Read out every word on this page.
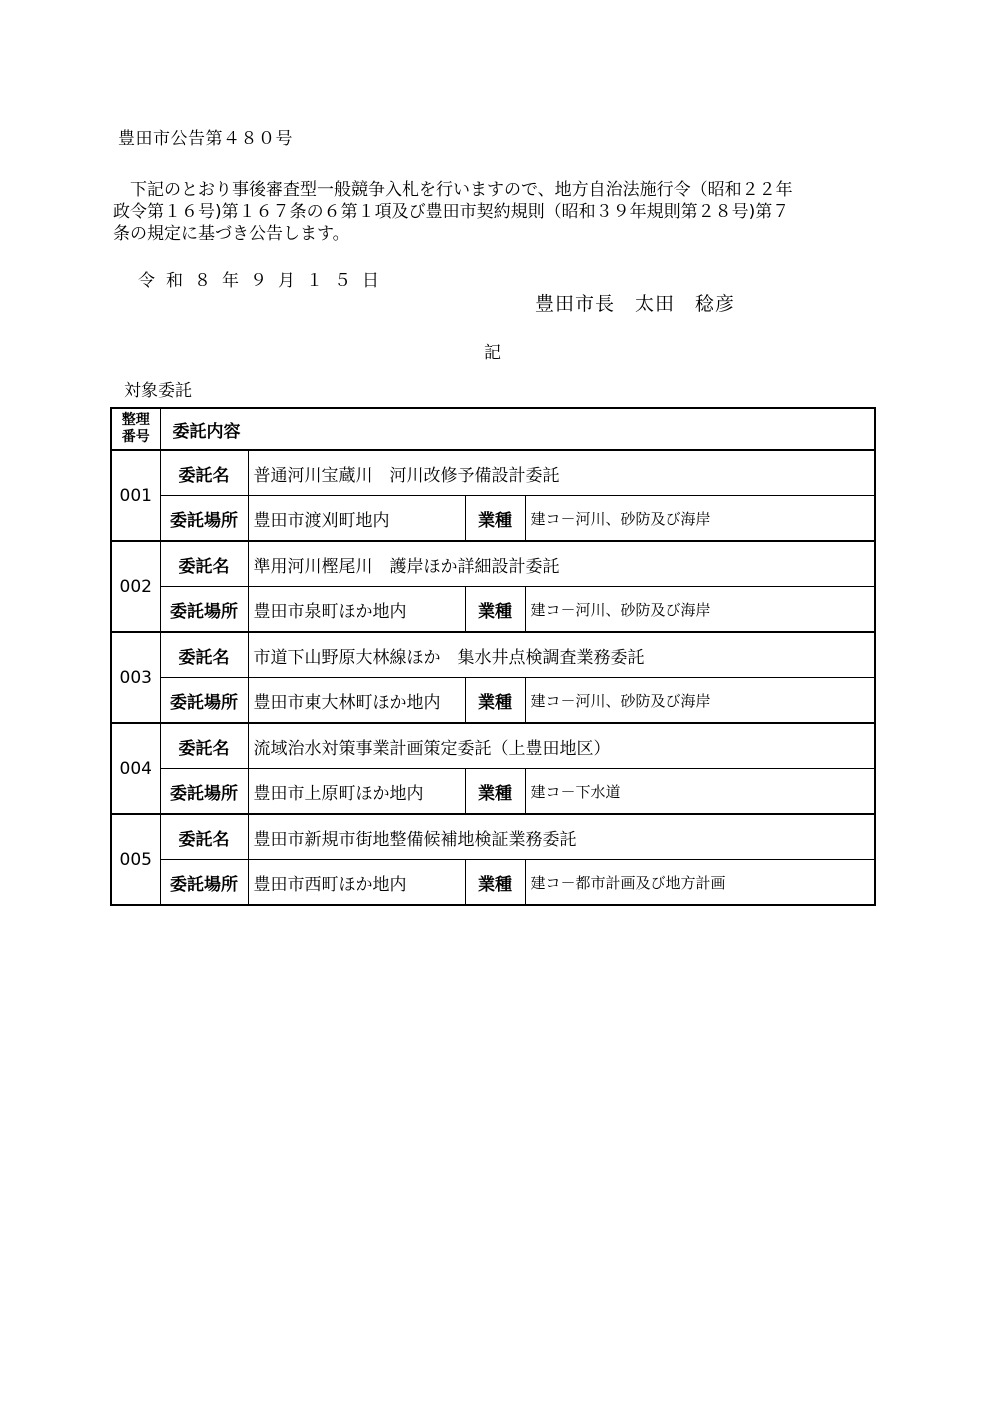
豊田市公告第４８０号
　下記のとおり事後審査型一般競争入札を行いますので、地方自治法施行令（昭和２２年
政令第１６号)第１６７条の６第１項及び豊田市契約規則（昭和３９年規則第２８号)第７
条の規定に基づき公告します。
令和８年９月１５日
豊田市長　太田　稔彦
記
対象委託
整理
番号	委託内容			
001	委託名	普通河川宝蔵川　河川改修予備設計委託		
	委託場所	豊田市渡刈町地内	業種	建コ－河川、砂防及び海岸
002	委託名	準用河川樫尾川　護岸ほか詳細設計委託		
	委託場所	豊田市泉町ほか地内	業種	建コ－河川、砂防及び海岸
003	委託名	市道下山野原大林線ほか　集水井点検調査業務委託		
	委託場所	豊田市東大林町ほか地内	業種	建コ－河川、砂防及び海岸
004	委託名	流域治水対策事業計画策定委託（上豊田地区）		
	委託場所	豊田市上原町ほか地内	業種	建コ－下水道
005	委託名	豊田市新規市街地整備候補地検証業務委託		
	委託場所	豊田市西町ほか地内	業種	建コ－都市計画及び地方計画
